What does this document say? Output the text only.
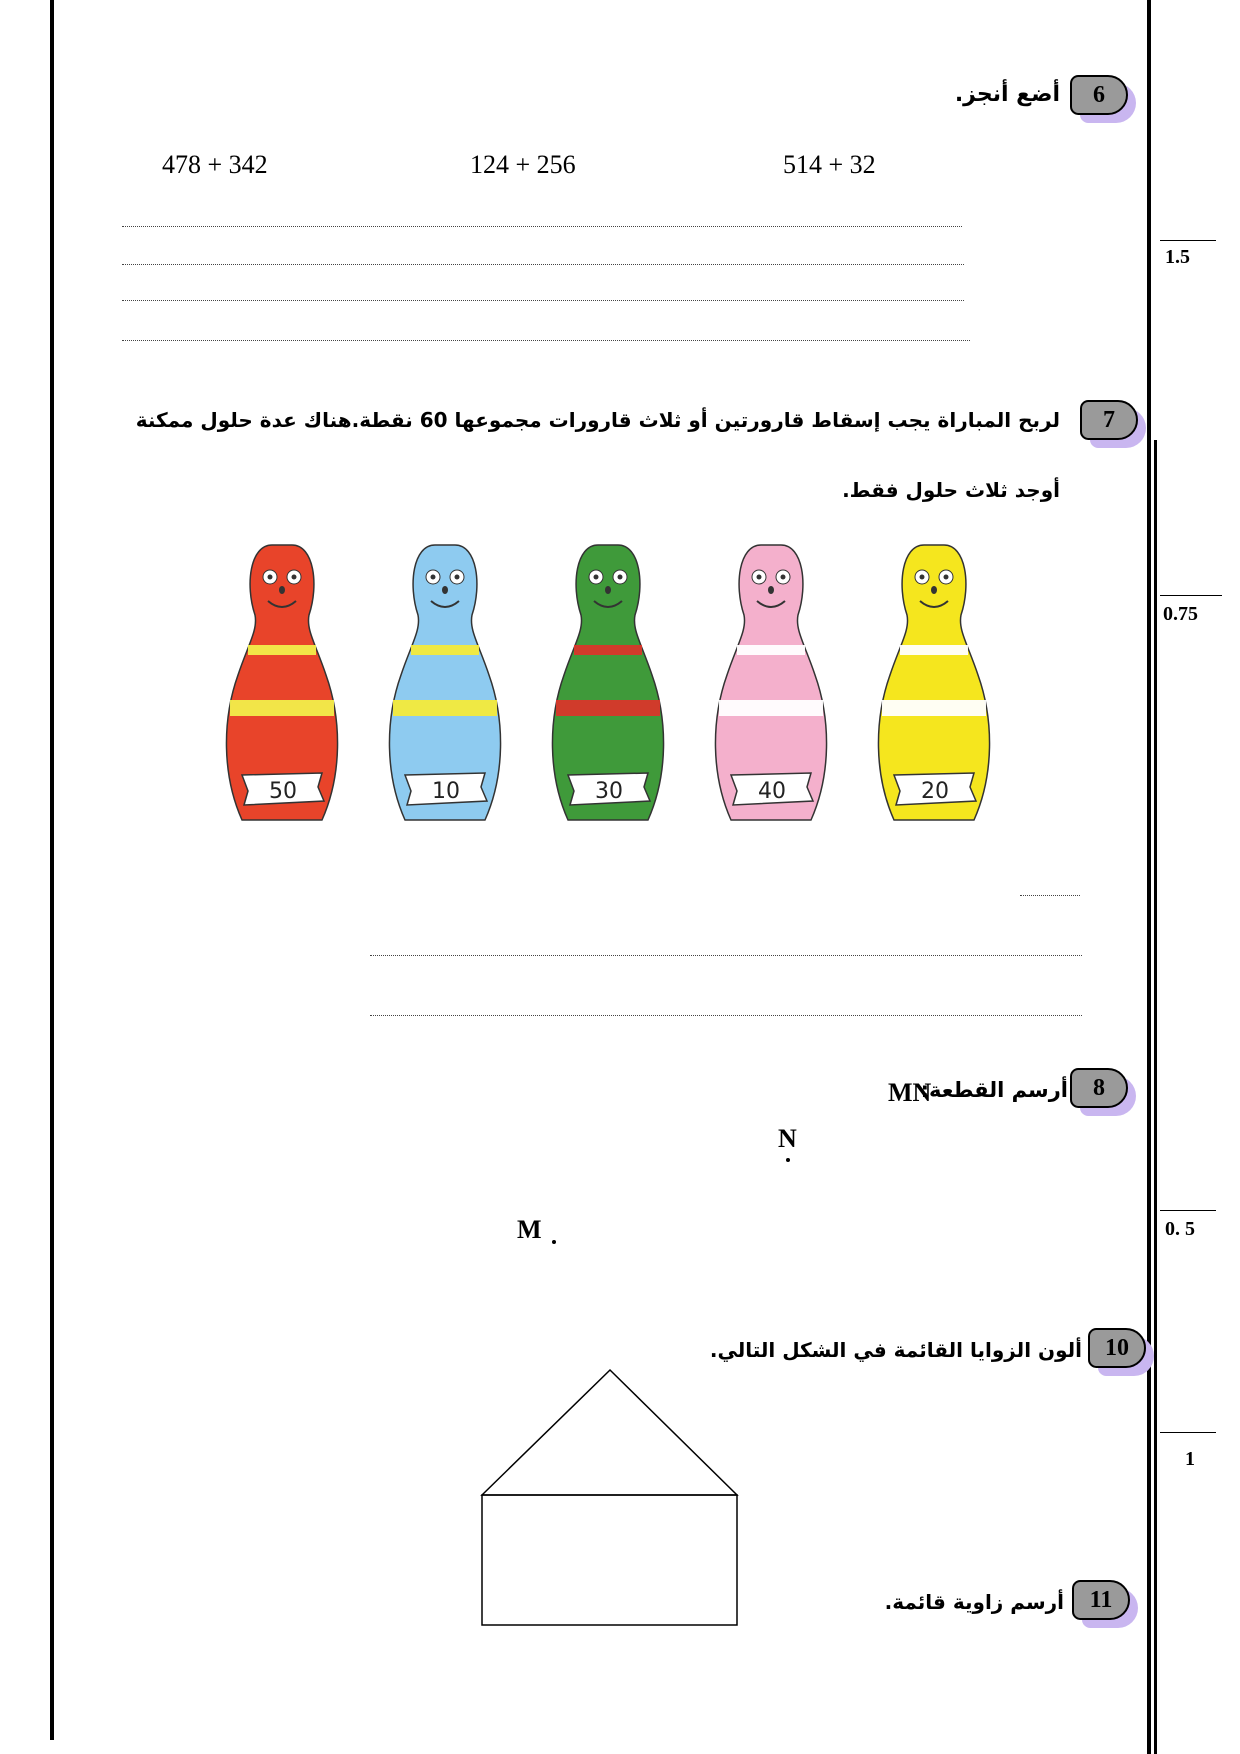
6
أضع أنجز.
478 + 342	124 + 256	514 + 32
1.5
7
لربح المباراة يجب إسقاط قارورتين أو ثلاث قارورات مجموعها 60 نقطة.هناك عدة حلول ممكنة
أوجد ثلاث حلول فقط.
50	10	30	40	20
0.75
8
أرسم القطعة:
MN
N
M	0. 5
10
ألون الزوايا القائمة في الشكل التالي.
1
11
أرسم زاوية قائمة.
